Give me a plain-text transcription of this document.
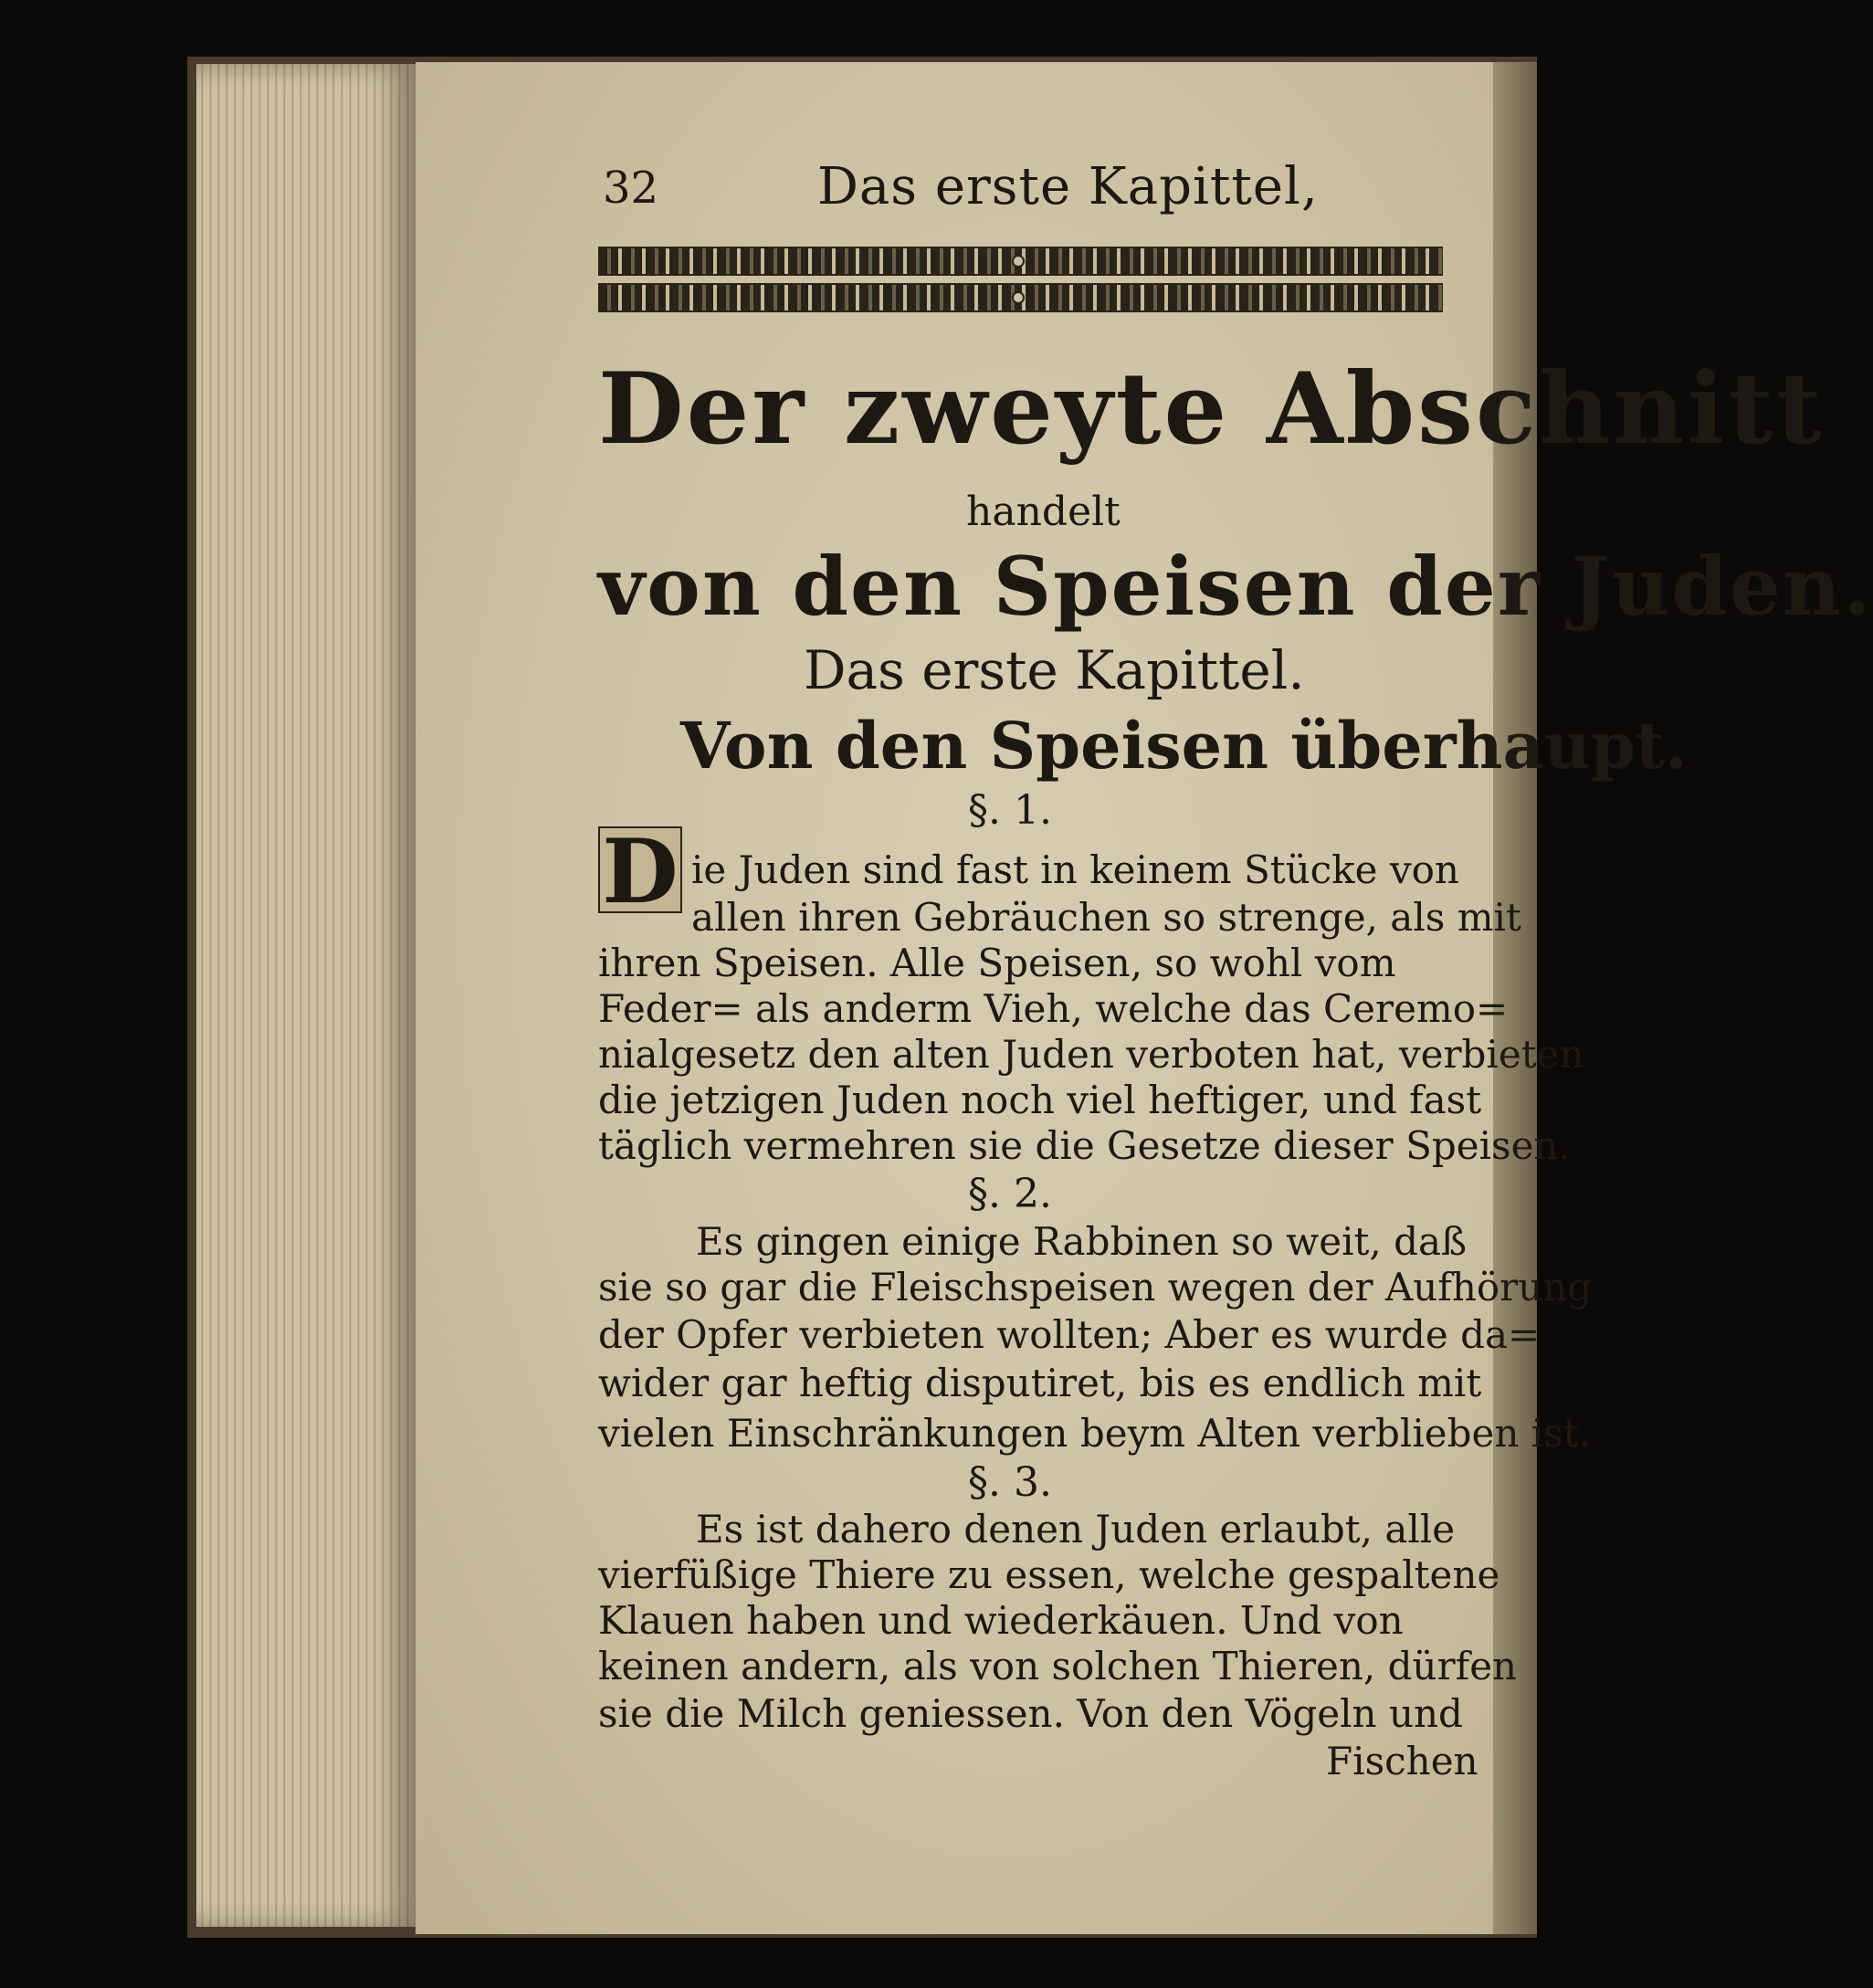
32	Das erste Kapittel,

Der zweyte Abschnitt

handelt

von den Speisen der Juden.

Das erste Kapittel.

Von den Speisen überhaupt.

§. 1.

D ie Juden sind fast in keinem Stücke von

allen ihren Gebräuchen so strenge, als mit

ihren Speisen. Alle Speisen, so wohl vom

Feder= als anderm Vieh, welche das Ceremo=

nialgesetz den alten Juden verboten hat, verbieten

die jetzigen Juden noch viel heftiger, und fast

täglich vermehren sie die Gesetze dieser Speisen.

§. 2.

Es gingen einige Rabbinen so weit, daß

sie so gar die Fleischspeisen wegen der Aufhörung

der Opfer verbieten wollten; Aber es wurde da=

wider gar heftig disputiret, bis es endlich mit

vielen Einschränkungen beym Alten verblieben ist.

§. 3.

Es ist dahero denen Juden erlaubt, alle

vierfüßige Thiere zu essen, welche gespaltene

Klauen haben und wiederkäuen. Und von

keinen andern, als von solchen Thieren, dürfen

sie die Milch geniessen. Von den Vögeln und

Fischen
